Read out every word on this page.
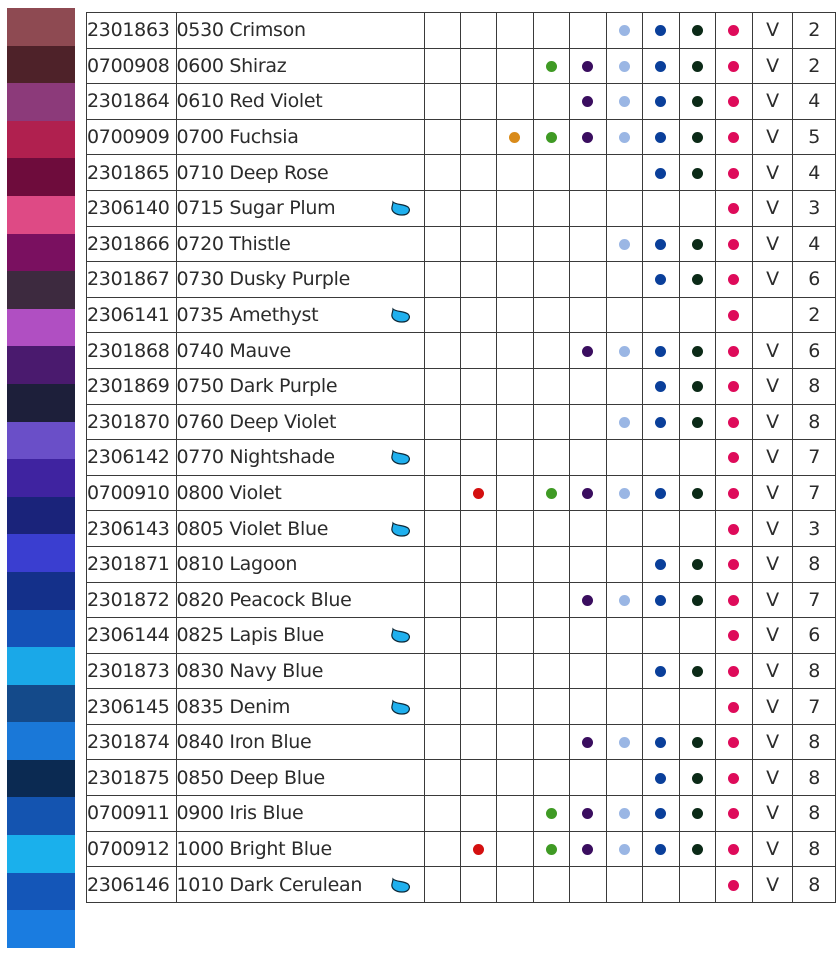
2301863	0530 Crimson										V	2
0700908	0600 Shiraz										V	2
2301864	0610 Red Violet										V	4
0700909	0700 Fuchsia										V	5
2301865	0710 Deep Rose										V	4
2306140	0715 Sugar Plum										V	3
2301866	0720 Thistle										V	4
2301867	0730 Dusky Purple										V	6
2306141	0735 Amethyst											2
2301868	0740 Mauve										V	6
2301869	0750 Dark Purple										V	8
2301870	0760 Deep Violet										V	8
2306142	0770 Nightshade										V	7
0700910	0800 Violet										V	7
2306143	0805 Violet Blue										V	3
2301871	0810 Lagoon										V	8
2301872	0820 Peacock Blue										V	7
2306144	0825 Lapis Blue										V	6
2301873	0830 Navy Blue										V	8
2306145	0835 Denim										V	7
2301874	0840 Iron Blue										V	8
2301875	0850 Deep Blue										V	8
0700911	0900 Iris Blue										V	8
0700912	1000 Bright Blue										V	8
2306146	1010 Dark Cerulean										V	8
